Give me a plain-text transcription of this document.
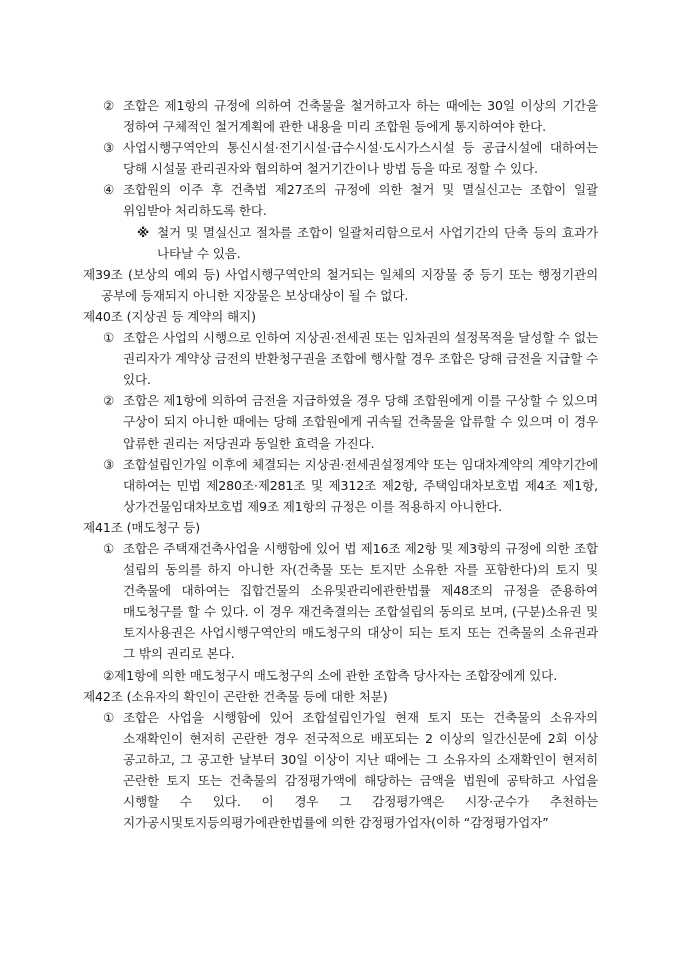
② 조합은 제1항의 규정에 의하여 건축물을 철거하고자 하는 때에는 30일 이상의 기간을 정하여 구체적인 철거계획에 관한 내용을 미리 조합원 등에게 통지하여야 한다.
③ 사업시행구역안의 통신시설·전기시설·급수시설·도시가스시설 등 공급시설에 대하여는 당해 시설물 관리권자와 협의하여 철거기간이나 방법 등을 따로 정할 수 있다.
④ 조합원의 이주 후 건축법 제27조의 규정에 의한 철거 및 멸실신고는 조합이 일괄 위임받아 처리하도록 한다.
※ 철거 및 멸실신고 절차를 조합이 일괄처리함으로서 사업기간의 단축 등의 효과가 나타날 수 있음.
제39조 (보상의 예외 등) 사업시행구역안의 철거되는 일체의 지장물 중 등기 또는 행정기관의 공부에 등재되지 아니한 지장물은 보상대상이 될 수 없다.
제40조 (지상권 등 계약의 해지)
① 조합은 사업의 시행으로 인하여 지상권·전세권 또는 임차권의 설정목적을 달성할 수 없는 권리자가 계약상 금전의 반환청구권을 조합에 행사할 경우 조합은 당해 금전을 지급할 수 있다.
② 조합은 제1항에 의하여 금전을 지급하였을 경우 당해 조합원에게 이를 구상할 수 있으며 구상이 되지 아니한 때에는 당해 조합원에게 귀속될 건축물을 압류할 수 있으며 이 경우 압류한 권리는 저당권과 동일한 효력을 가진다.
③ 조합설립인가일 이후에 체결되는 지상권·전세권설정계약 또는 임대차계약의 계약기간에 대하여는 민법 제280조·제281조 및 제312조 제2항, 주택임대차보호법 제4조 제1항, 상가건물임대차보호법 제9조 제1항의 규정은 이를 적용하지 아니한다.
제41조 (매도청구 등)
① 조합은 주택재건축사업을 시행함에 있어 법 제16조 제2항 및 제3항의 규정에 의한 조합 설립의 동의를 하지 아니한 자(건축물 또는 토지만 소유한 자를 포함한다)의 토지 및 건축물에 대하여는 집합건물의 소유및관리에관한법률 제48조의 규정을 준용하여 매도청구를 할 수 있다. 이 경우 재건축결의는 조합설립의 동의로 보며, (구분)소유권 및 토지사용권은 사업시행구역안의 매도청구의 대상이 되는 토지 또는 건축물의 소유권과 그 밖의 권리로 본다.
②제1항에 의한 매도청구시 매도청구의 소에 관한 조합측 당사자는 조합장에게 있다.
제42조 (소유자의 확인이 곤란한 건축물 등에 대한 처분)
① 조합은 사업을 시행함에 있어 조합설립인가일 현재 토지 또는 건축물의 소유자의 소재확인이 현저히 곤란한 경우 전국적으로 배포되는 2 이상의 일간신문에 2회 이상 공고하고, 그 공고한 날부터 30일 이상이 지난 때에는 그 소유자의 소재확인이 현저히 곤란한 토지 또는 건축물의 감정평가액에 해당하는 금액을 법원에 공탁하고 사업을 시행할 수 있다. 이 경우 그 감정평가액은 시장·군수가 추천하는 지가공시및토지등의평가에관한법률에 의한 감정평가업자(이하 “감정평가업자”
